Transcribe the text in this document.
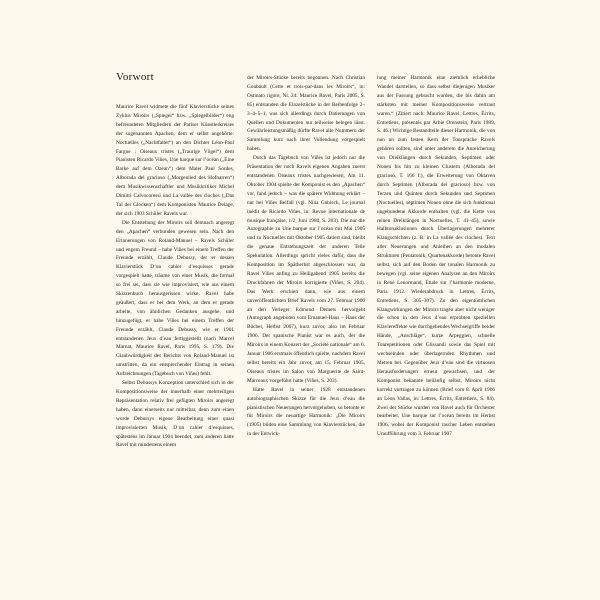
Vorwort

Maurice Ravel widmete die fünf Klavierstücke seines Zyklus Miroirs („Spiegel“ bzw. „Spiegelbilder“) eng befreundeten Mitgliedern der Pariser Künstlerkreises der sogenannten Apachen, dem er selbst angehörte: Noctuelles („Nachtfalter“) an den Dichter Léon-Paul Fargue ; Oiseaux tristes („Traurige Vögel“) dem Pianisten Ricardo Viñes, Une barque sur l’océan („Eine Barke auf dem Ozean“) dem Maler Paul Sordes, Alborada del gracioso („Morgenlied des Hofnarren“) dem Musikwissenschaftler und Musikkritiker Michel Dimitri Calvocoressi und La vallée des cloches („Das Tal der Glocken“) dem Komponisten Maurice Delage, der sich 1903 Schüler Ravels war.

Die Entstehung der Miroirs soll demnach angeregt den „Apachen“ verbunden gewesen sein. Nach den Erinnerungen von Roland-Manuel – Ravels Schüler und engem Freund – habe Viñes bei einem Treffen der Freunde erzählt, Claude Debussy, der er dessen Klavierstück D’un cahier d’esquisses gerade vorgespielt hatte, träume von einer Musik, die formal so frei sei, dass sie wie improvisiert, wie aus einem Skizzenbuch herausgerissen wirke. Ravel habe geäußert, dass er bei dem Werk, an dem er gerade arbeite, von ähnlichen Gedanken ausgehe, und hinzugefügt, er habe Viñes bei einem Treffen der Freunde erzählt, Claude Debussy, wie er 1901 entstandenen Jeux d’eau fertiggestellt (nach Marcel Marnat, Maurice Ravel, Paris 1995, S. 179). Die Glaubwürdigkeit des Berichts von Roland-Manuel ist umstritten, da ein entsprechender Eintrag in seinen Aufzeichnungen (Tagebuch von Viñes) fehlt.

Selbst Debussys Konzeption unterschied sich in der Kompositionsweise der innerhalb einer mehrteiligen Repräsentation relativ frei gefügten Miroirs angeregt haben, dann einerseits nur mittelbar, denn zum einen wurde Debussys eigene Bearbeitung einer quasi improvisierten Musik, D’un cahier d’esquisses, spätestens im Januar 1904 beendet, zum anderen hatte Ravel mit mindestens einem

der Miroirs-Stücke bereits begonnen. Nach Christian Goubault (Cette et trois-par-dans les Miroirs“, in: Ostinato rigore, Nr. 24: Maurice Ravel, Paris 2005, S. 85) entstanden die Einzelstücke in der Reihenfolge 2–3–4–5–1, was sich allerdings durch Datierungen von Quellen und Dokumenten nur teilweise belegen lässt. Gewährleistungsmäßig dürfte Ravel alle Nummern der Sammlung kurz nach ihrer Vollendung vorgespielt haben.

Durch das Tagebuch von Viñes ist jedoch nur die Präsentation der noch Ravels eigenen Angaben zuerst entstandenen Oiseaux tristes nachgewiesen, Am 11. Oktober 1904 spielte der Komponist es den „Apachen“ vor, fand jedoch – was die spätere Widmung erklärt – nur bei Viñes Beifall (vgl. Nina Gubisch, Le journal inédit de Ricardo Viñes, in: Revue internationale de musique française, 1/2, Juni 1980, S. 203). Die nur die Autographie zu Une barque sur l’océan mit Mai 1905 und zu Noctuelles mit Oktober 1905 datiert sind, bleibt die genaue Entstehungszeit der anderen Teile Spekulation. Allerdings spricht vieles dafür, dass die Komposition im Spätherbst abgeschlossen war, da Ravel Viñes anfing zu Heiligabend 1905 bereits die Druckfahnen der Miroirs korrigierte (Viñes, S. 204). Das Werk erschien dann, wie aus einem unveröffentlichten Brief Ravels vom 27. Februar 1906 an den Verleger Edmond Demets hervorgeht (Autograph angeboten vom Emanuel-Haus – Haus der Bücher, Herbst 2007), kurz zuvor, also im Februar 1906. Der spanische Pianist war es auch, der die Miroirs in einem Konzert der „Société nationale“ am 6. Januar 1906 erstmals öffentlich spielte, nachdem Ravel selbst bereits ein Jahr zuvor, am 15. Februar 1905, Oiseaux tristes im Salon von Marguerite de Saint-Marceaux vorgeführt hatte (Viñes, S. 203).

Hatte Ravel in seiner 1928 entstandenen autobiographischen Skizze für die Jeux d’eau die pianistischen Neuerungen hervorgehoben, so betonte er für Miroirs die neuartige Harmonik: „Die Miroirs (1905) bilden eine Sammlung von Klavierstücken, die in der Entwick-

lung meiner Harmonik eine ziemlich erhebliche Wandel darstellen, so dass selbst diejenigen Musiker aus der Fassung gebracht wurden, die bis dahin am stärksten mit meiner Kompositionsweise vertraut waren.“ (Zitiert nach: Maurice Ravel. Lettres, Écrits, Entretiens, présentés par Arbie Orenstein, Paris 1989, S. 46.) Wichtige Bestandteile dieser Harmonik, die von nun an zum festen Kern der Tonsprache Ravels gehören sollten, sind unter anderem die Anreicherung von Dreiklängen durch Sekunden, Septimen oder Nonen bis hin zu kleinen Clustern (Alborada del gracioso, T. 166 f.), die Erweiterung von Oktaven durch Septimen (Alborada del gracioso) bzw. von Terzen und Quinten durch Sekunden und Septimen (Noctuelles), septimen Nonen ohne die sich funktional ungebundene Akkorde enthalten (vgl. die Kette von reinen Dreiklängen in Noctuelles, T. 41–45), sowie Halbtonaklusionen durch Überlagerungen mehrerer Klangschichten (z. B. in La vallée des cloches). Text aller Neuerungen und Anleihen an den modalen Strukturen (Pentatonik, Quartenakkorde) betonte Ravel selbst, sich auf den Boden der tonalen Harmonik zu bewegen (vgl. seine eigenen Analysen an den Miroirs in René Lenormand, Étude sur l’harmonie moderne, Paris 1912. Wiederabdruck in Lettres, Écrits, Entretiens, S. 305–307). Zu den eigentümlichen Klangwirkungen der Miroirs tragen aber nicht weniger die schon in den Jeux d’eau erprobten speziellen Klaviereffekte wie durchgehendes Wechselgriffe beider Hände, „Anschläge“, kurze Arpeggien, schnelle Tonrepetitionen oder Glissandi sowie das Spiel mit wechselnden oder überlagernden Rhythmen und Metren bei. Gegenüber Jeux d’eau sind die virtuosen Herausforderungen erneut gewachsen, und der Komponist bekannte beiläufig selbst, Miroirs nicht korrekt vortragen zu können (Brief vom 8. April 1906 an Léon Vallas, in: Lettres, Écrits, Entretiens, S. 84). Zwei der Stücke wurden von Ravel auch für Orchester bearbeitet, Une barque sur l’océan bereits im Herbst 1906, wobei der Komponist rascher Leben entstehen Uraufführung vom 3. Februar 1907
